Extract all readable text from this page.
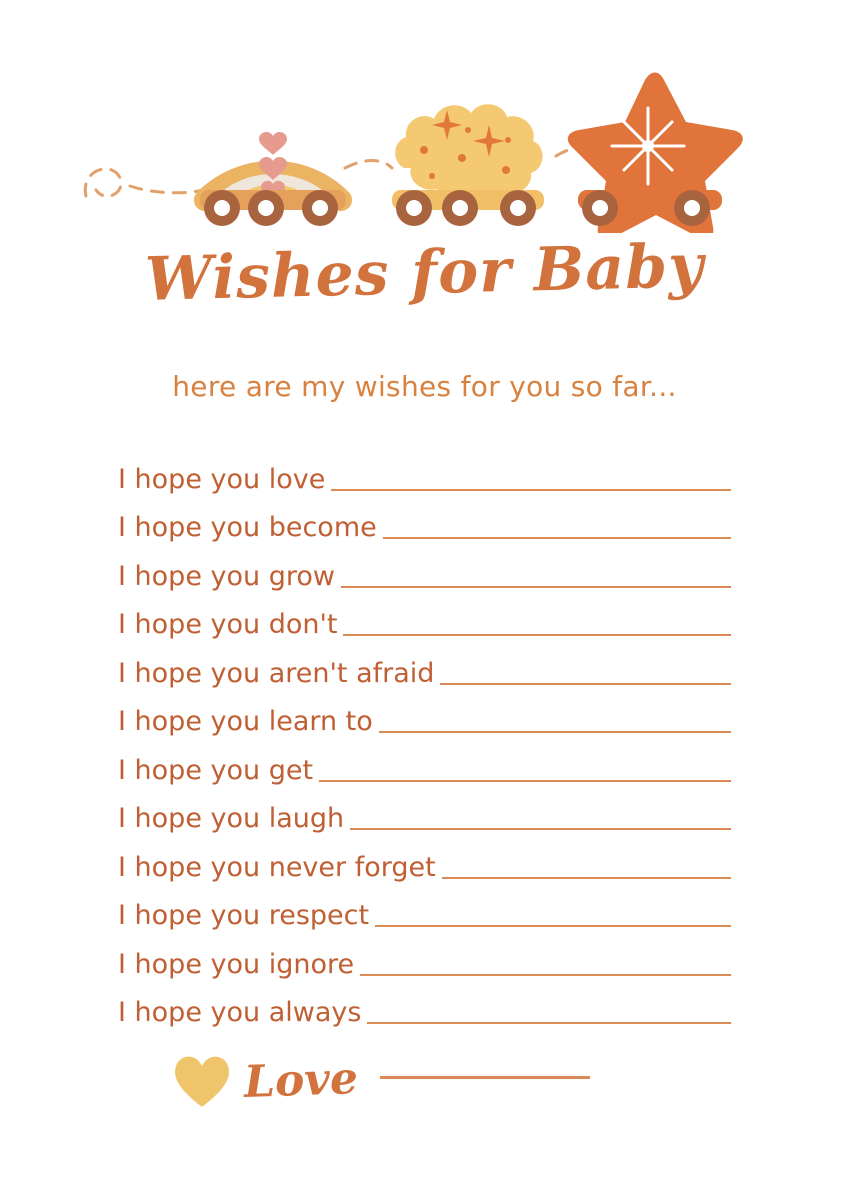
Wishes for Baby
here are my wishes for you so far...
I hope you love
I hope you become
I hope you grow
I hope you don't
I hope you aren't afraid
I hope you learn to
I hope you get
I hope you laugh
I hope you never forget
I hope you respect
I hope you ignore
I hope you always
Love
